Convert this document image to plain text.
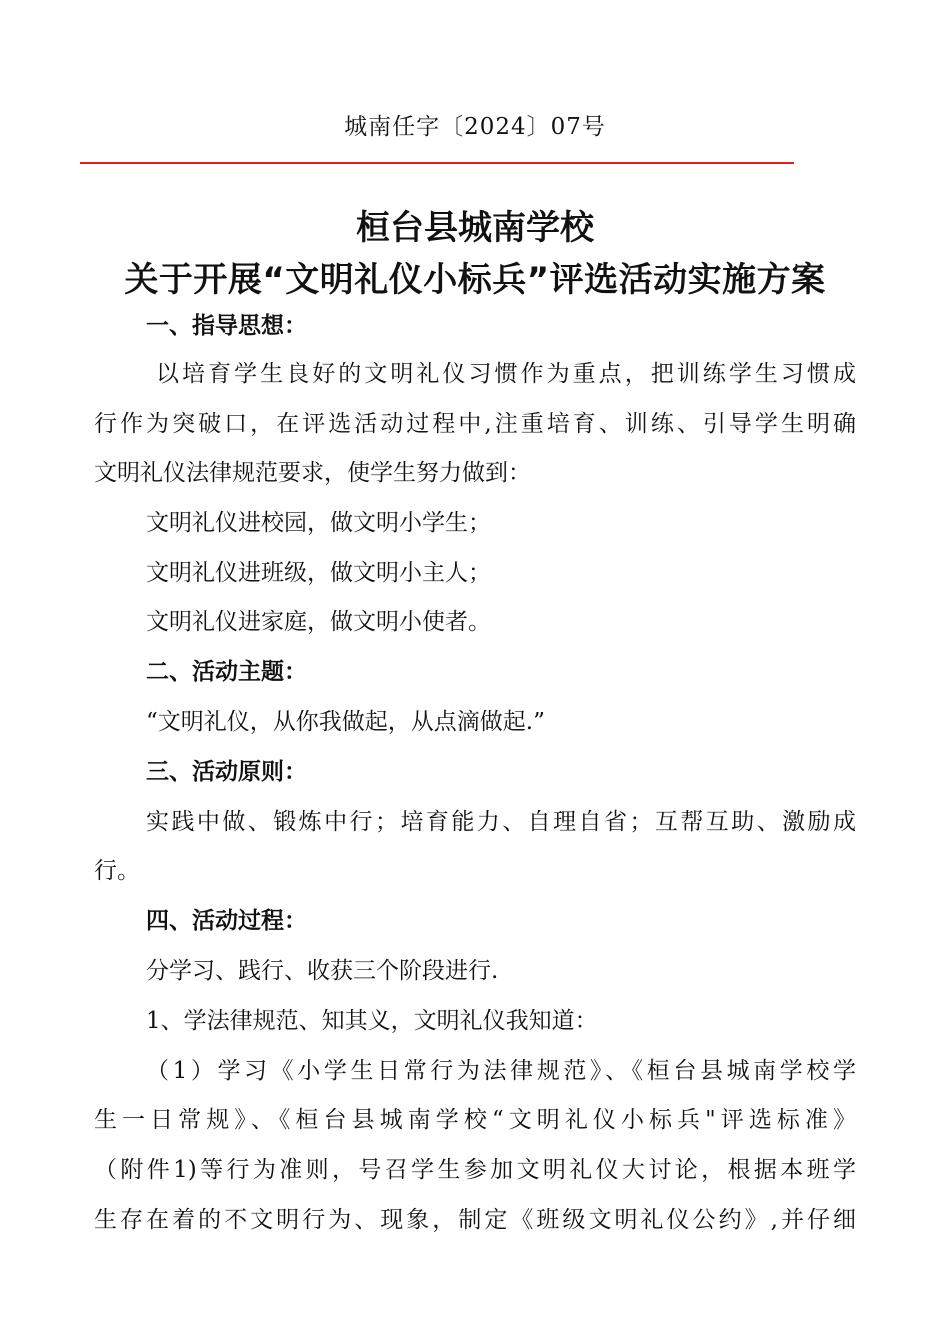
城南任字〔2024〕07号
桓台县城南学校
关于开展“文明礼仪小标兵”评选活动实施方案
一、指导思想：
以培育学生良好的文明礼仪习惯作为重点，把训练学生习惯成
行作为突破口，在评选活动过程中,注重培育、训练、引导学生明确
文明礼仪法律规范要求，使学生努力做到：
文明礼仪进校园，做文明小学生；
文明礼仪进班级，做文明小主人；
文明礼仪进家庭，做文明小使者。
二、活动主题：
“文明礼仪，从你我做起，从点滴做起.”
三、活动原则：
实践中做、锻炼中行；培育能力、自理自省；互帮互助、激励成
行。
四、活动过程：
分学习、践行、收获三个阶段进行.
1、学法律规范、知其义，文明礼仪我知道：
（1）学习《小学生日常行为法律规范》、《桓台县城南学校学
生一日常规》、《桓台县城南学校“文明礼仪小标兵"评选标准》
（附件1)等行为准则，号召学生参加文明礼仪大讨论，根据本班学
生存在着的不文明行为、现象，制定《班级文明礼仪公约》,并仔细
